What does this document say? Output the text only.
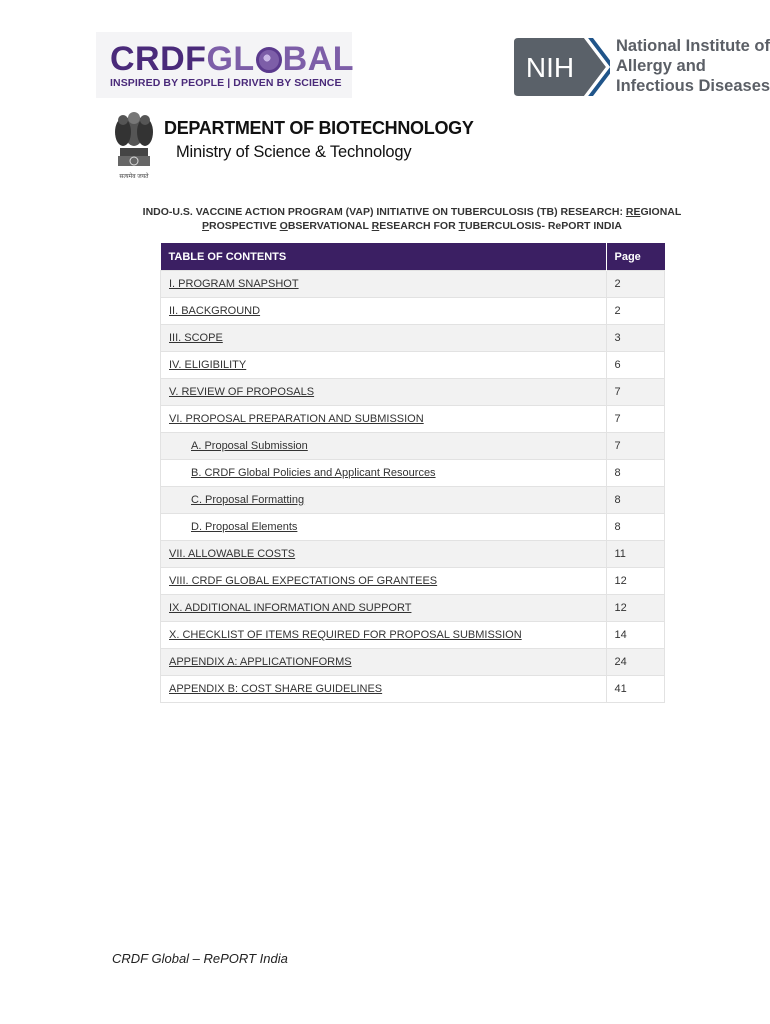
CRDFGL BAL
INSPIRED BY PEOPLE | DRIVEN BY SCIENCE	NIH
National Institute of
Allergy and
Infectious Diseases
सत्यमेव जयते
DEPARTMENT OF BIOTECHNOLOGY
Ministry of Science & Technology
INDO-U.S. VACCINE ACTION PROGRAM (VAP) INITIATIVE ON TUBERCULOSIS (TB) RESEARCH: REGIONAL
PROSPECTIVE OBSERVATIONAL RESEARCH FOR TUBERCULOSIS- RePORT INDIA
TABLE OF CONTENTS	Page
I. PROGRAM SNAPSHOT	2
II. BACKGROUND	2
III. SCOPE	3
IV. ELIGIBILITY	6
V. REVIEW OF PROPOSALS	7
VI. PROPOSAL PREPARATION AND SUBMISSION	7
A. Proposal Submission	7
B. CRDF Global Policies and Applicant Resources	8
C. Proposal Formatting	8
D. Proposal Elements	8
VII. ALLOWABLE COSTS	11
VIII. CRDF GLOBAL EXPECTATIONS OF GRANTEES	12
IX. ADDITIONAL INFORMATION AND SUPPORT	12
X. CHECKLIST OF ITEMS REQUIRED FOR PROPOSAL SUBMISSION	14
APPENDIX A: APPLICATIONFORMS	24
APPENDIX B: COST SHARE GUIDELINES	41
CRDF Global – RePORT India
